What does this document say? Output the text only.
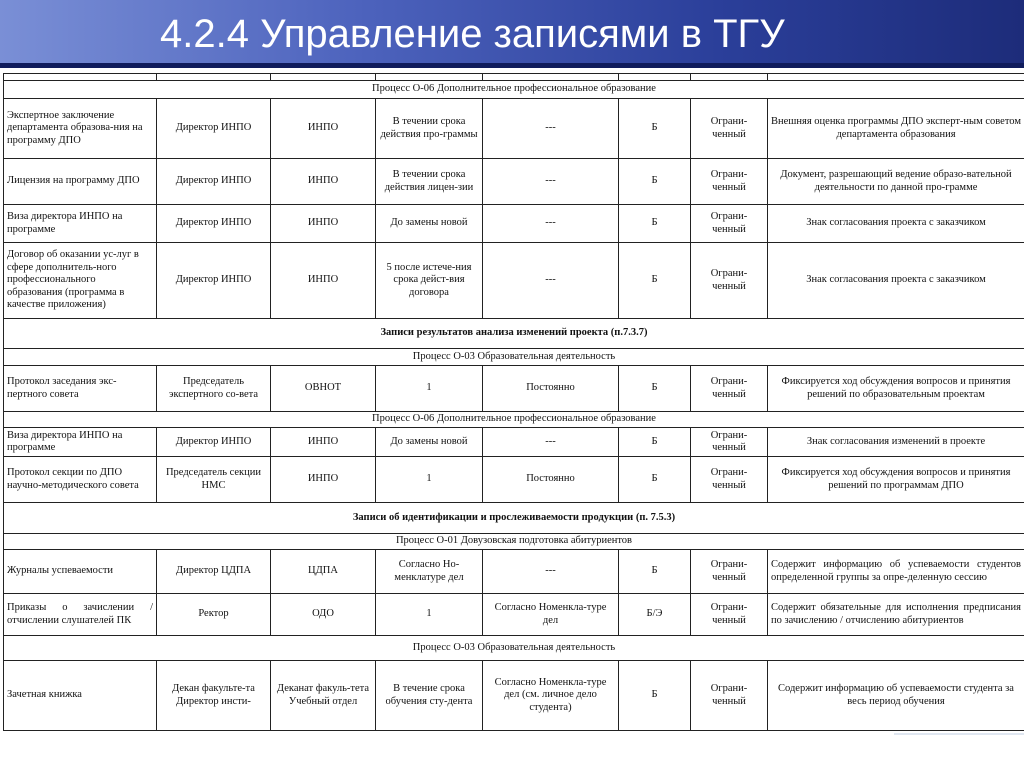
4.2.4 Управление записями в ТГУ

Процесс О-06 Дополнительное профессиональное образование							
Экспертное заключение департамента образова-ния на программу ДПО	Директор ИНПО	ИНПО	В течении срока действия про-граммы	---	Б	Ограни-ченный	Внешняя оценка программы ДПО эксперт-ным советом департамента образования
Лицензия на программу ДПО	Директор ИНПО	ИНПО	В течении срока действия лицен-зии	---	Б	Ограни-ченный	Документ, разрешающий ведение образо-вательной деятельности по данной про-грамме
Виза директора ИНПО на программе	Директор ИНПО	ИНПО	До замены новой	---	Б	Ограни-ченный	Знак согласования проекта с заказчиком
Договор об оказании ус-луг в сфере дополнитель-ного профессионального образования (программа в качестве приложения)	Директор ИНПО	ИНПО	5 после истече-ния срока дейст-вия договора	---	Б	Ограни-ченный	Знак согласования проекта с заказчиком
Записи результатов анализа изменений проекта (п.7.3.7)							
Процесс О-03 Образовательная деятельность							
Протокол заседания экс-пертного совета	Председатель экспертного со-вета	ОВНОТ	1	Постоянно	Б	Ограни-ченный	Фиксируется ход обсуждения вопросов и принятия решений по образовательным проектам
Процесс О-06 Дополнительное профессиональное образование							
Виза директора ИНПО на программе	Директор ИНПО	ИНПО	До замены новой	---	Б	Ограни-ченный	Знак согласования изменений в проекте
Протокол секции по ДПО научно-методического совета	Председатель секции НМС	ИНПО	1	Постоянно	Б	Ограни-ченный	Фиксируется ход обсуждения вопросов и принятия решений по программам ДПО
Записи об идентификации и прослеживаемости продукции (п. 7.5.3)							
Процесс О-01 Довузовская подготовка абитуриентов							
Журналы успеваемости	Директор ЦДПА	ЦДПА	Согласно Но-менклатуре дел	---	Б	Ограни-ченный	Содержит информацию об успеваемости студентов определенной группы за опре-деленную сессию
Приказы о зачислении / отчислении слушателей ПК	Ректор	ОДО	1	Согласно Номенкла-туре дел	Б/Э	Ограни-ченный	Содержит обязательные для исполнения предписания по зачислению / отчислению абитуриентов
Процесс О-03 Образовательная деятельность							
Зачетная книжка	Декан факульте-та Директор инсти-	Деканат факуль-тета Учебный отдел	В течение срока обучения сту-дента	Согласно Номенкла-туре дел (см. личное дело студента)	Б	Ограни-ченный	Содержит информацию об успеваемости студента за весь период обучения
